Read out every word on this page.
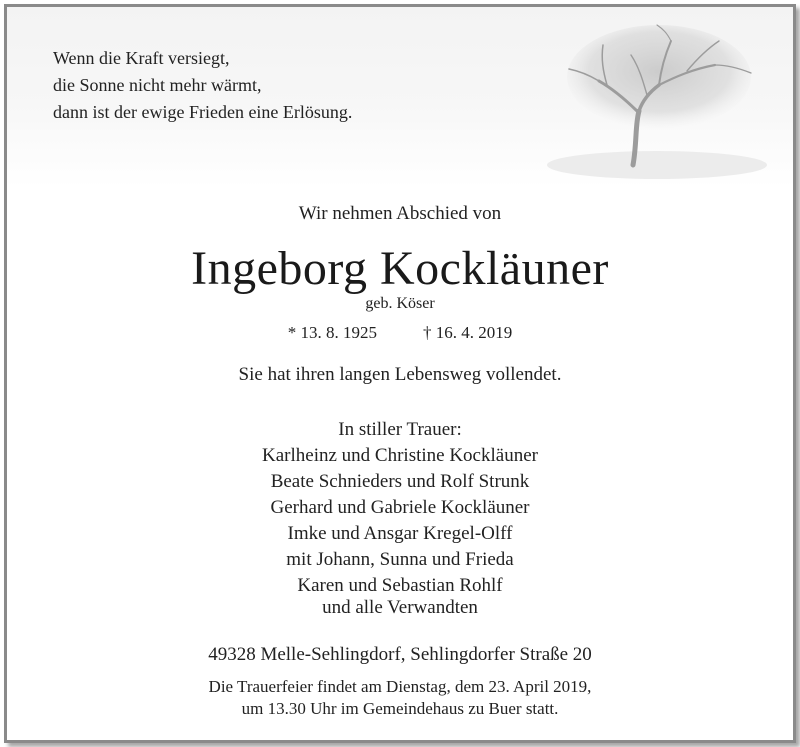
Wenn die Kraft versiegt,
die Sonne nicht mehr wärmt,
dann ist der ewige Frieden eine Erlösung.
Wir nehmen Abschied von
Ingeborg Kockläuner
geb. Köser
* 13. 8. 1925	† 16. 4. 2019
Sie hat ihren langen Lebensweg vollendet.
In stiller Trauer:
Karlheinz und Christine Kockläuner
Beate Schnieders und Rolf Strunk
Gerhard und Gabriele Kockläuner
Imke und Ansgar Kregel-Olff
mit Johann, Sunna und Frieda
Karen und Sebastian Rohlf
und alle Verwandten
49328 Melle-Sehlingdorf, Sehlingdorfer Straße 20
Die Trauerfeier findet am Dienstag, dem 23. April 2019,
um 13.30 Uhr im Gemeindehaus zu Buer statt.
